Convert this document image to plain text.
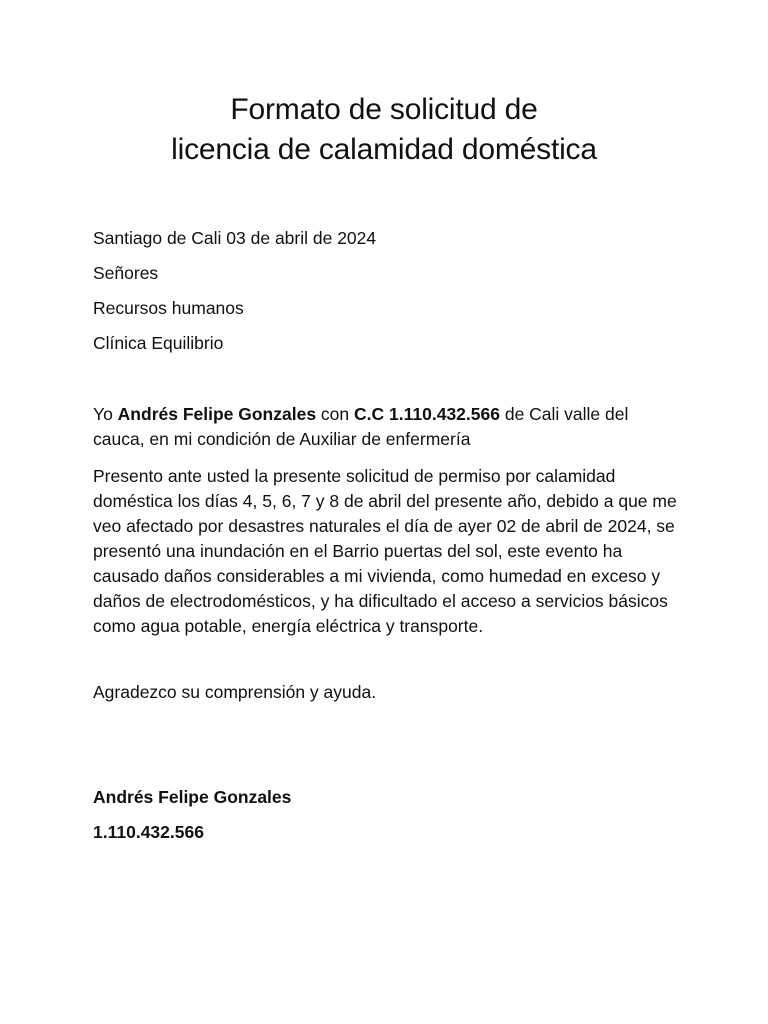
Formato de solicitud de
licencia de calamidad doméstica

Santiago de Cali 03 de abril de 2024

Señores

Recursos humanos

Clínica Equilibrio

Yo Andrés Felipe Gonzales con C.C 1.110.432.566 de Cali valle del cauca, en mi condición de Auxiliar de enfermería

Presento ante usted la presente solicitud de permiso por calamidad doméstica los días 4, 5, 6, 7 y 8 de abril del presente año, debido a que me veo afectado por desastres naturales el día de ayer 02 de abril de 2024, se presentó una inundación en el Barrio puertas del sol, este evento ha causado daños considerables a mi vivienda, como humedad en exceso y daños de electrodomésticos, y ha dificultado el acceso a servicios básicos como agua potable, energía eléctrica y transporte.

Agradezco su comprensión y ayuda.

Andrés Felipe Gonzales

1.110.432.566
